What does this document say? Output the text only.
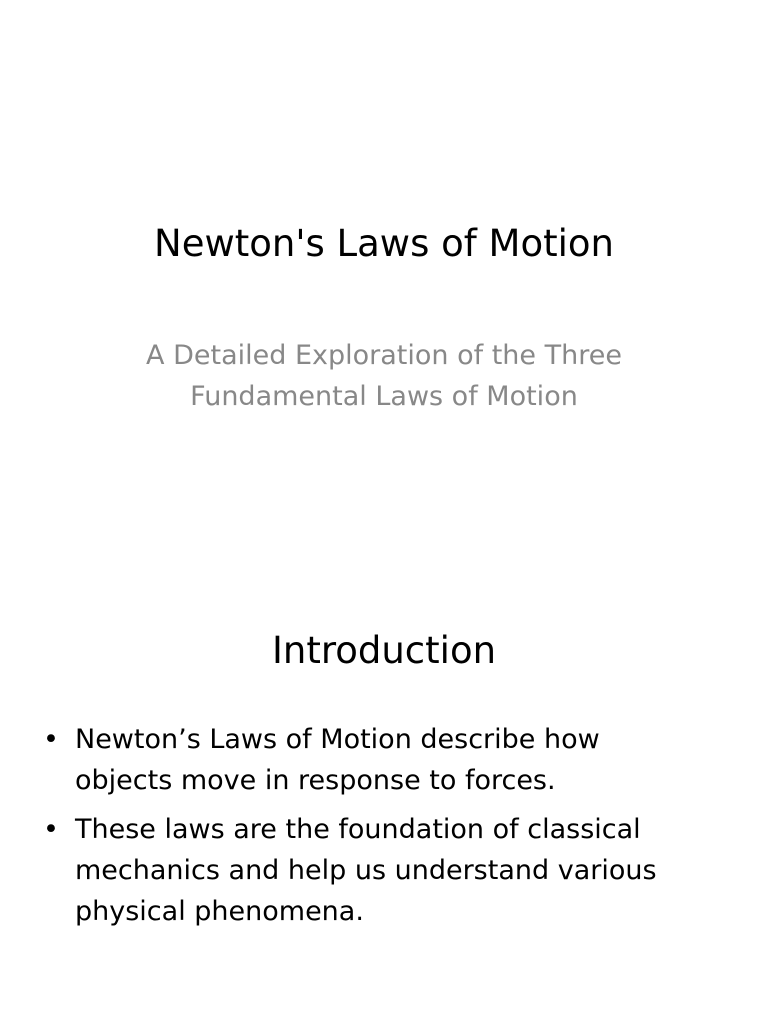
Newton's Laws of Motion
A Detailed Exploration of the Three Fundamental Laws of Motion
Introduction
• Newton’s Laws of Motion describe how objects move in response to forces.
• These laws are the foundation of classical mechanics and help us understand various physical phenomena.
